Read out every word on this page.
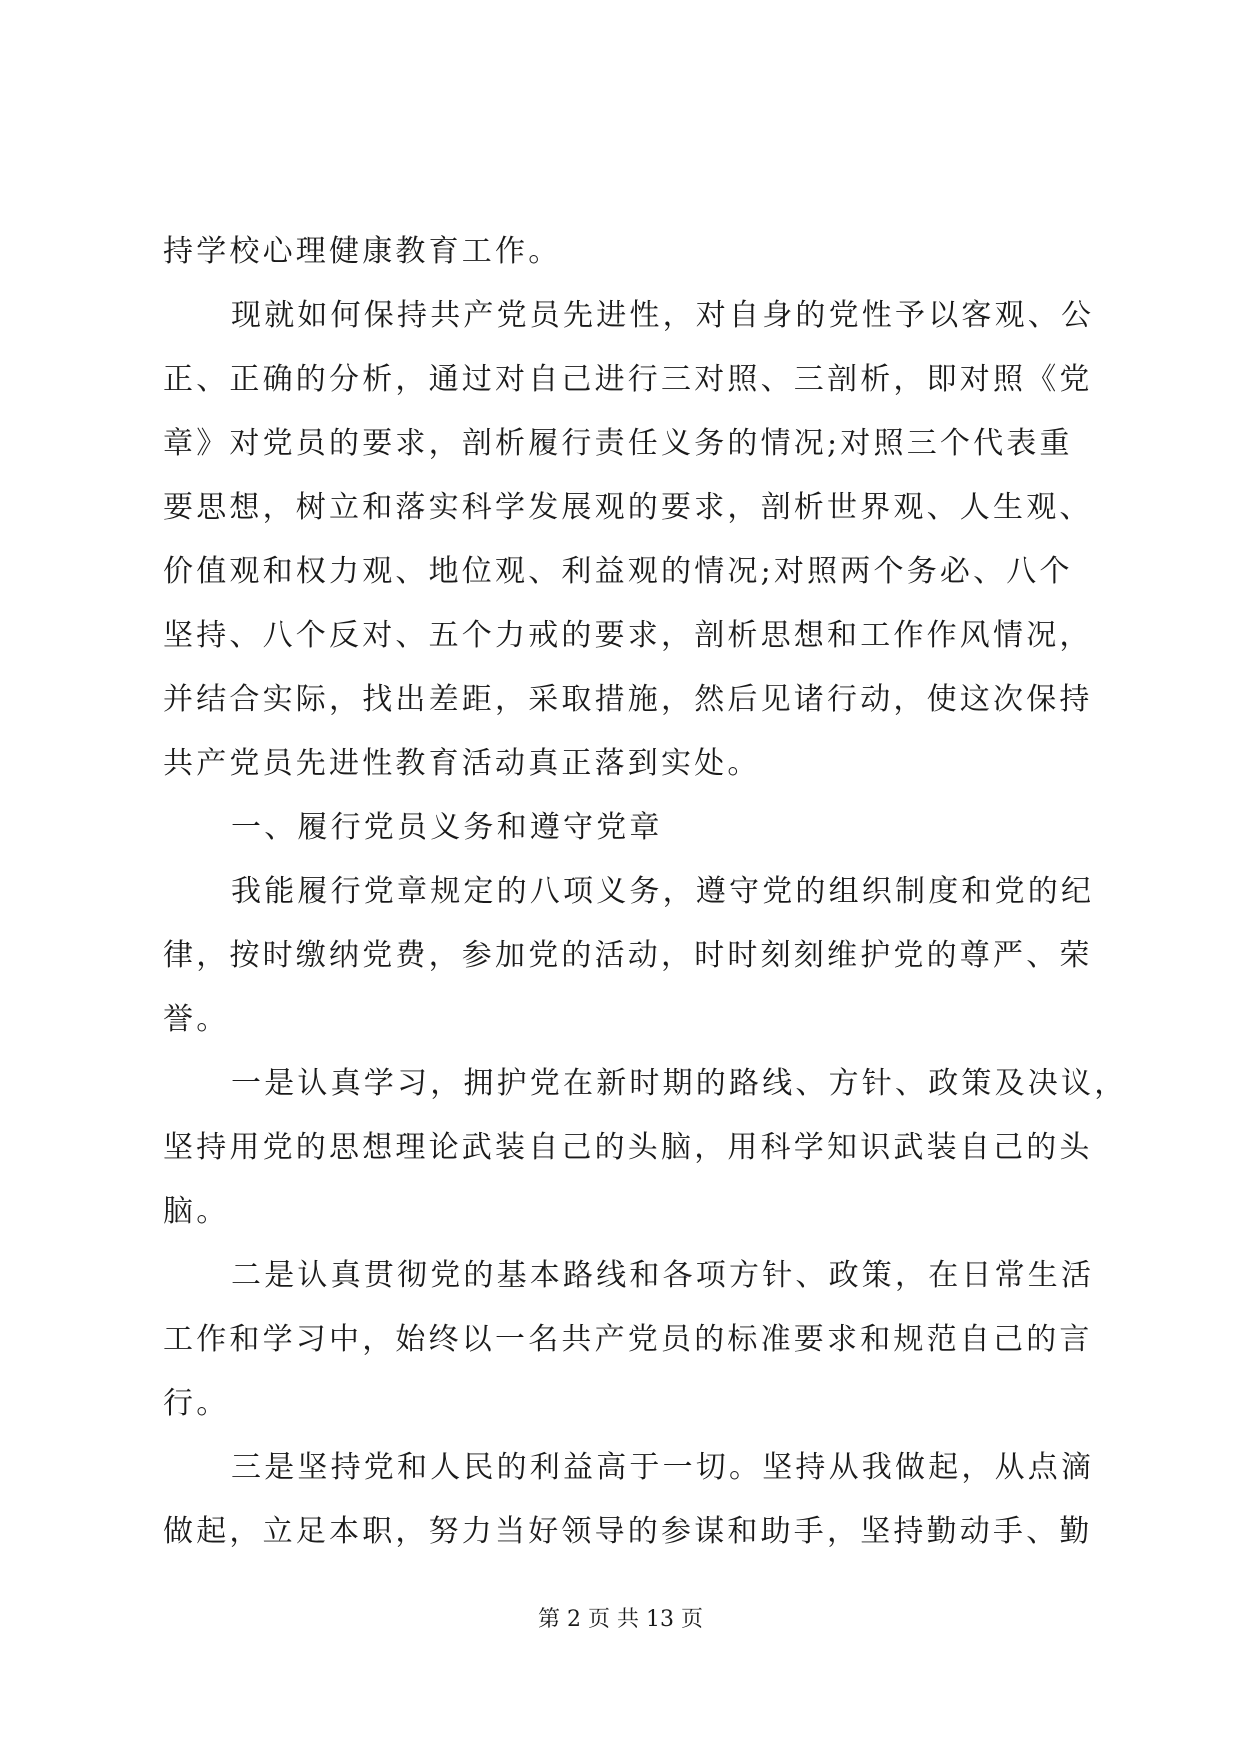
持学校心理健康教育工作。
现就如何保持共产党员先进性，对自身的党性予以客观、公
正、正确的分析，通过对自己进行三对照、三剖析，即对照《党
章》对党员的要求，剖析履行责任义务的情况;对照三个代表重
要思想，树立和落实科学发展观的要求，剖析世界观、人生观、
价值观和权力观、地位观、利益观的情况;对照两个务必、八个
坚持、八个反对、五个力戒的要求，剖析思想和工作作风情况，
并结合实际，找出差距，采取措施，然后见诸行动，使这次保持
共产党员先进性教育活动真正落到实处。
一、履行党员义务和遵守党章
我能履行党章规定的八项义务，遵守党的组织制度和党的纪
律，按时缴纳党费，参加党的活动，时时刻刻维护党的尊严、荣
誉。
一是认真学习，拥护党在新时期的路线、方针、政策及决议，
坚持用党的思想理论武装自己的头脑，用科学知识武装自己的头
脑。
二是认真贯彻党的基本路线和各项方针、政策，在日常生活
工作和学习中，始终以一名共产党员的标准要求和规范自己的言
行。
三是坚持党和人民的利益高于一切。坚持从我做起，从点滴
做起，立足本职，努力当好领导的参谋和助手，坚持勤动手、勤
第 2 页 共 13 页
